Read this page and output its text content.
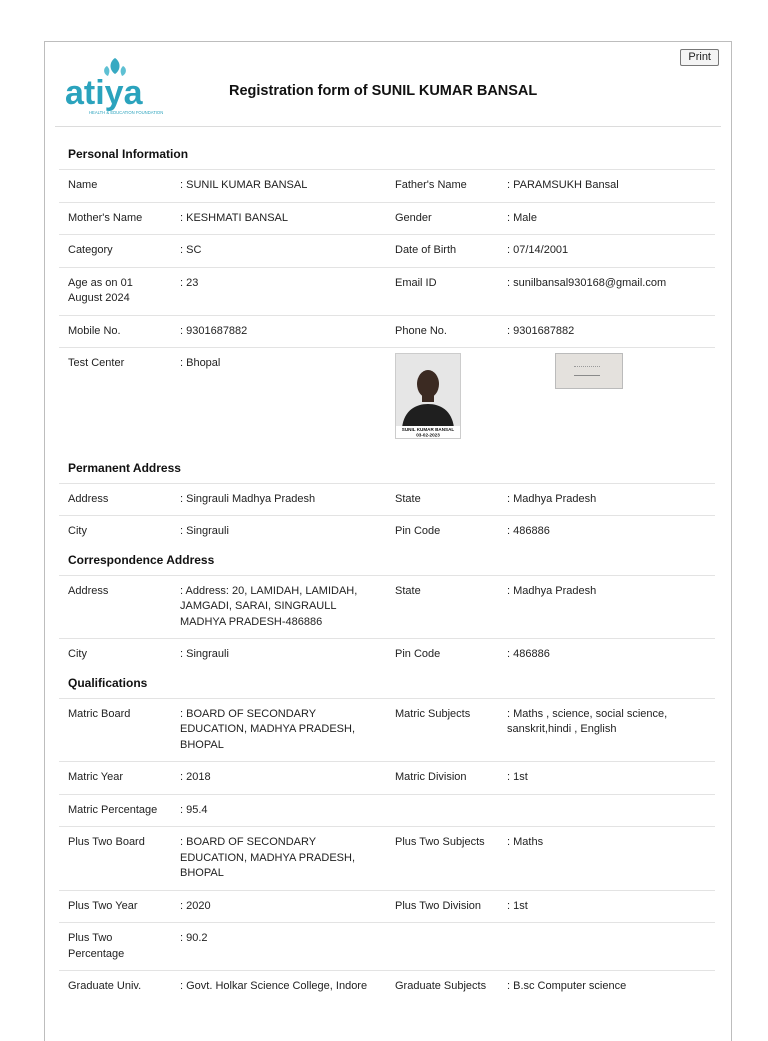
Print
atiya
HEALTH & EDUCATION FOUNDATION
Registration form of SUNIL KUMAR BANSAL
Personal Information
Name	: SUNIL KUMAR BANSAL	Father's Name	: PARAMSUKH Bansal
Mother's Name	: KESHMATI BANSAL	Gender	: Male
Category	: SC	Date of Birth	: 07/14/2001
Age as on 01 August 2024	: 23	Email ID	: sunilbansal930168@gmail.com
Mobile No.	: 9301687882	Phone No.	: 9301687882
Test Center	: Bhopal	SUNIL KUMAR BANSAL
03-02-2023	

Permanent Address
Address	: Singrauli Madhya Pradesh	State	: Madhya Pradesh
City	: Singrauli	Pin Code	: 486886
Correspondence Address
Address	: Address: 20, LAMIDAH, LAMIDAH, JAMGADI, SARAI, SINGRAULL MADHYA PRADESH-486886	State	: Madhya Pradesh
City	: Singrauli	Pin Code	: 486886
Qualifications
Matric Board	: BOARD OF SECONDARY EDUCATION, MADHYA PRADESH, BHOPAL	Matric Subjects	: Maths , science, social science, sanskrit,hindi , English
Matric Year	: 2018	Matric Division	: 1st
Matric Percentage	: 95.4		
Plus Two Board	: BOARD OF SECONDARY EDUCATION, MADHYA PRADESH, BHOPAL	Plus Two Subjects	: Maths
Plus Two Year	: 2020	Plus Two Division	: 1st
Plus Two Percentage	: 90.2		
Graduate Univ.	: Govt. Holkar Science College, Indore	Graduate Subjects	: B.sc Computer science
